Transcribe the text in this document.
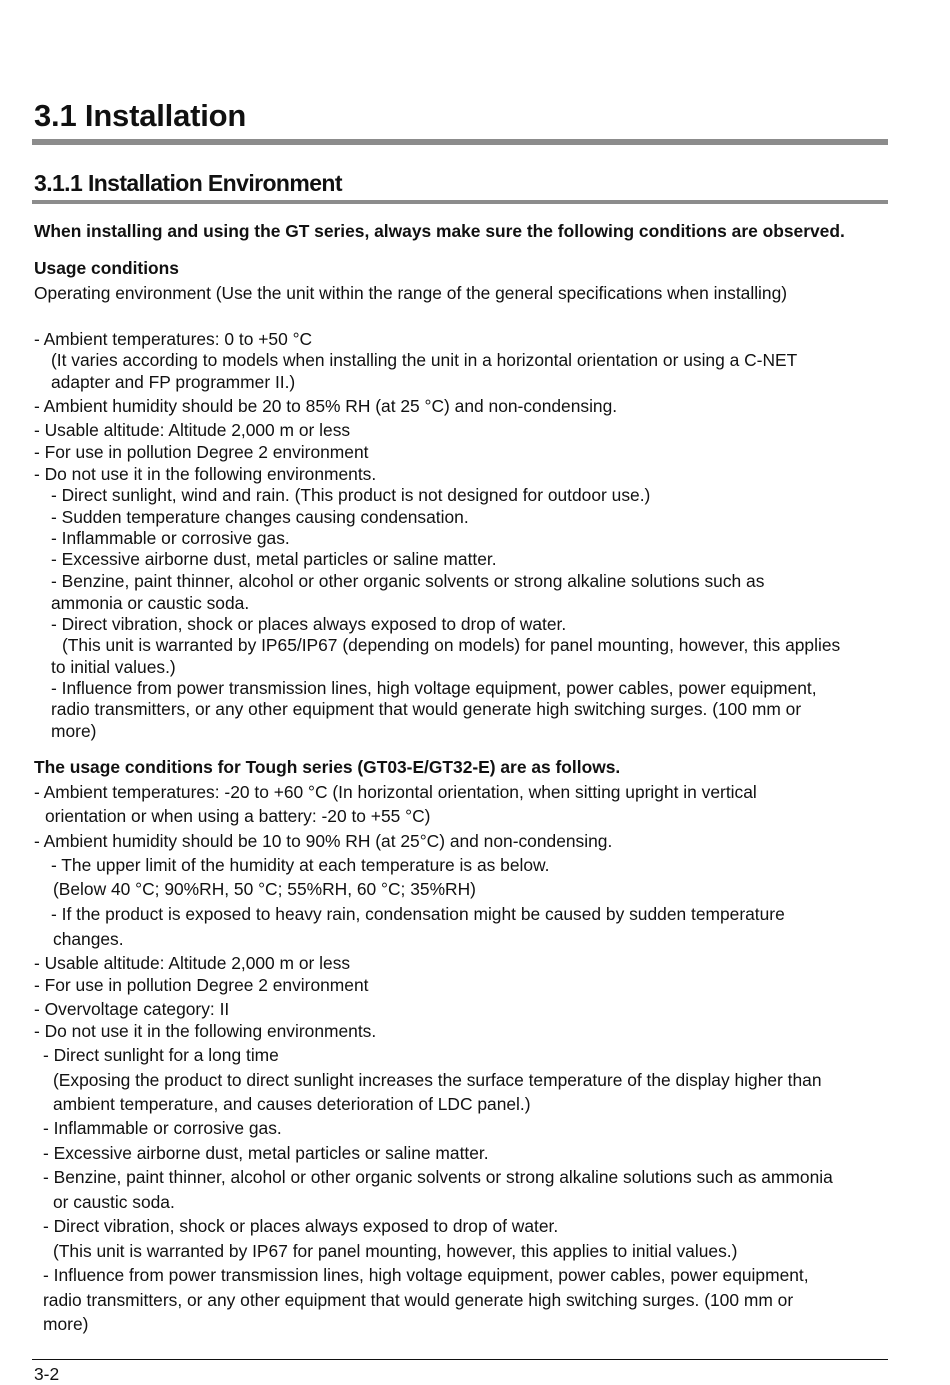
3.1 Installation
3.1.1 Installation Environment
When installing and using the GT series, always make sure the following conditions are observed.
Usage conditions
Operating environment (Use the unit within the range of the general specifications when installing)
- Ambient temperatures: 0 to +50 °C
(It varies according to models when installing the unit in a horizontal orientation or using a C-NET
adapter and FP programmer II.)
- Ambient humidity should be 20 to 85% RH (at 25 °C) and non-condensing.
- Usable altitude: Altitude 2,000 m or less
- For use in pollution Degree 2 environment
- Do not use it in the following environments.
- Direct sunlight, wind and rain. (This product is not designed for outdoor use.)
- Sudden temperature changes causing condensation.
- Inflammable or corrosive gas.
- Excessive airborne dust, metal particles or saline matter.
- Benzine, paint thinner, alcohol or other organic solvents or strong alkaline solutions such as
ammonia or caustic soda.
- Direct vibration, shock or places always exposed to drop of water.
(This unit is warranted by IP65/IP67 (depending on models) for panel mounting, however, this applies
to initial values.)
- Influence from power transmission lines, high voltage equipment, power cables, power equipment,
radio transmitters, or any other equipment that would generate high switching surges. (100 mm or
more)
The usage conditions for Tough series (GT03-E/GT32-E) are as follows.
- Ambient temperatures: -20 to +60 °C (In horizontal orientation, when sitting upright in vertical
orientation or when using a battery: -20 to +55 °C)
- Ambient humidity should be 10 to 90% RH (at 25°C) and non-condensing.
- The upper limit of the humidity at each temperature is as below.
(Below 40 °C; 90%RH, 50 °C; 55%RH, 60 °C; 35%RH)
- If the product is exposed to heavy rain, condensation might be caused by sudden temperature
changes.
- Usable altitude: Altitude 2,000 m or less
- For use in pollution Degree 2 environment
- Overvoltage category: II
- Do not use it in the following environments.
- Direct sunlight for a long time
(Exposing the product to direct sunlight increases the surface temperature of the display higher than
ambient temperature, and causes deterioration of LDC panel.)
- Inflammable or corrosive gas.
- Excessive airborne dust, metal particles or saline matter.
- Benzine, paint thinner, alcohol or other organic solvents or strong alkaline solutions such as ammonia
or caustic soda.
- Direct vibration, shock or places always exposed to drop of water.
(This unit is warranted by IP67 for panel mounting, however, this applies to initial values.)
- Influence from power transmission lines, high voltage equipment, power cables, power equipment,
radio transmitters, or any other equipment that would generate high switching surges. (100 mm or
more)
3-2
